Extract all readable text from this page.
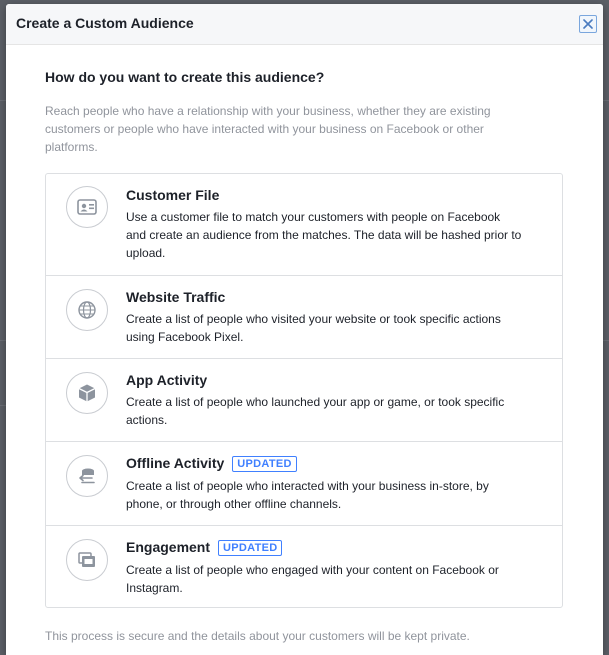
Create a Custom Audience
How do you want to create this audience?
Reach people who have a relationship with your business, whether they are existing
customers or people who have interacted with your business on Facebook or other
platforms.
Customer File
Use a customer file to match your customers with people on Facebook
and create an audience from the matches. The data will be hashed prior to
upload.
Website Traffic
Create a list of people who visited your website or took specific actions
using Facebook Pixel.
App Activity
Create a list of people who launched your app or game, or took specific
actions.
Offline Activity UPDATED
Create a list of people who interacted with your business in-store, by
phone, or through other offline channels.
Engagement UPDATED
Create a list of people who engaged with your content on Facebook or
Instagram.
This process is secure and the details about your customers will be kept private.
